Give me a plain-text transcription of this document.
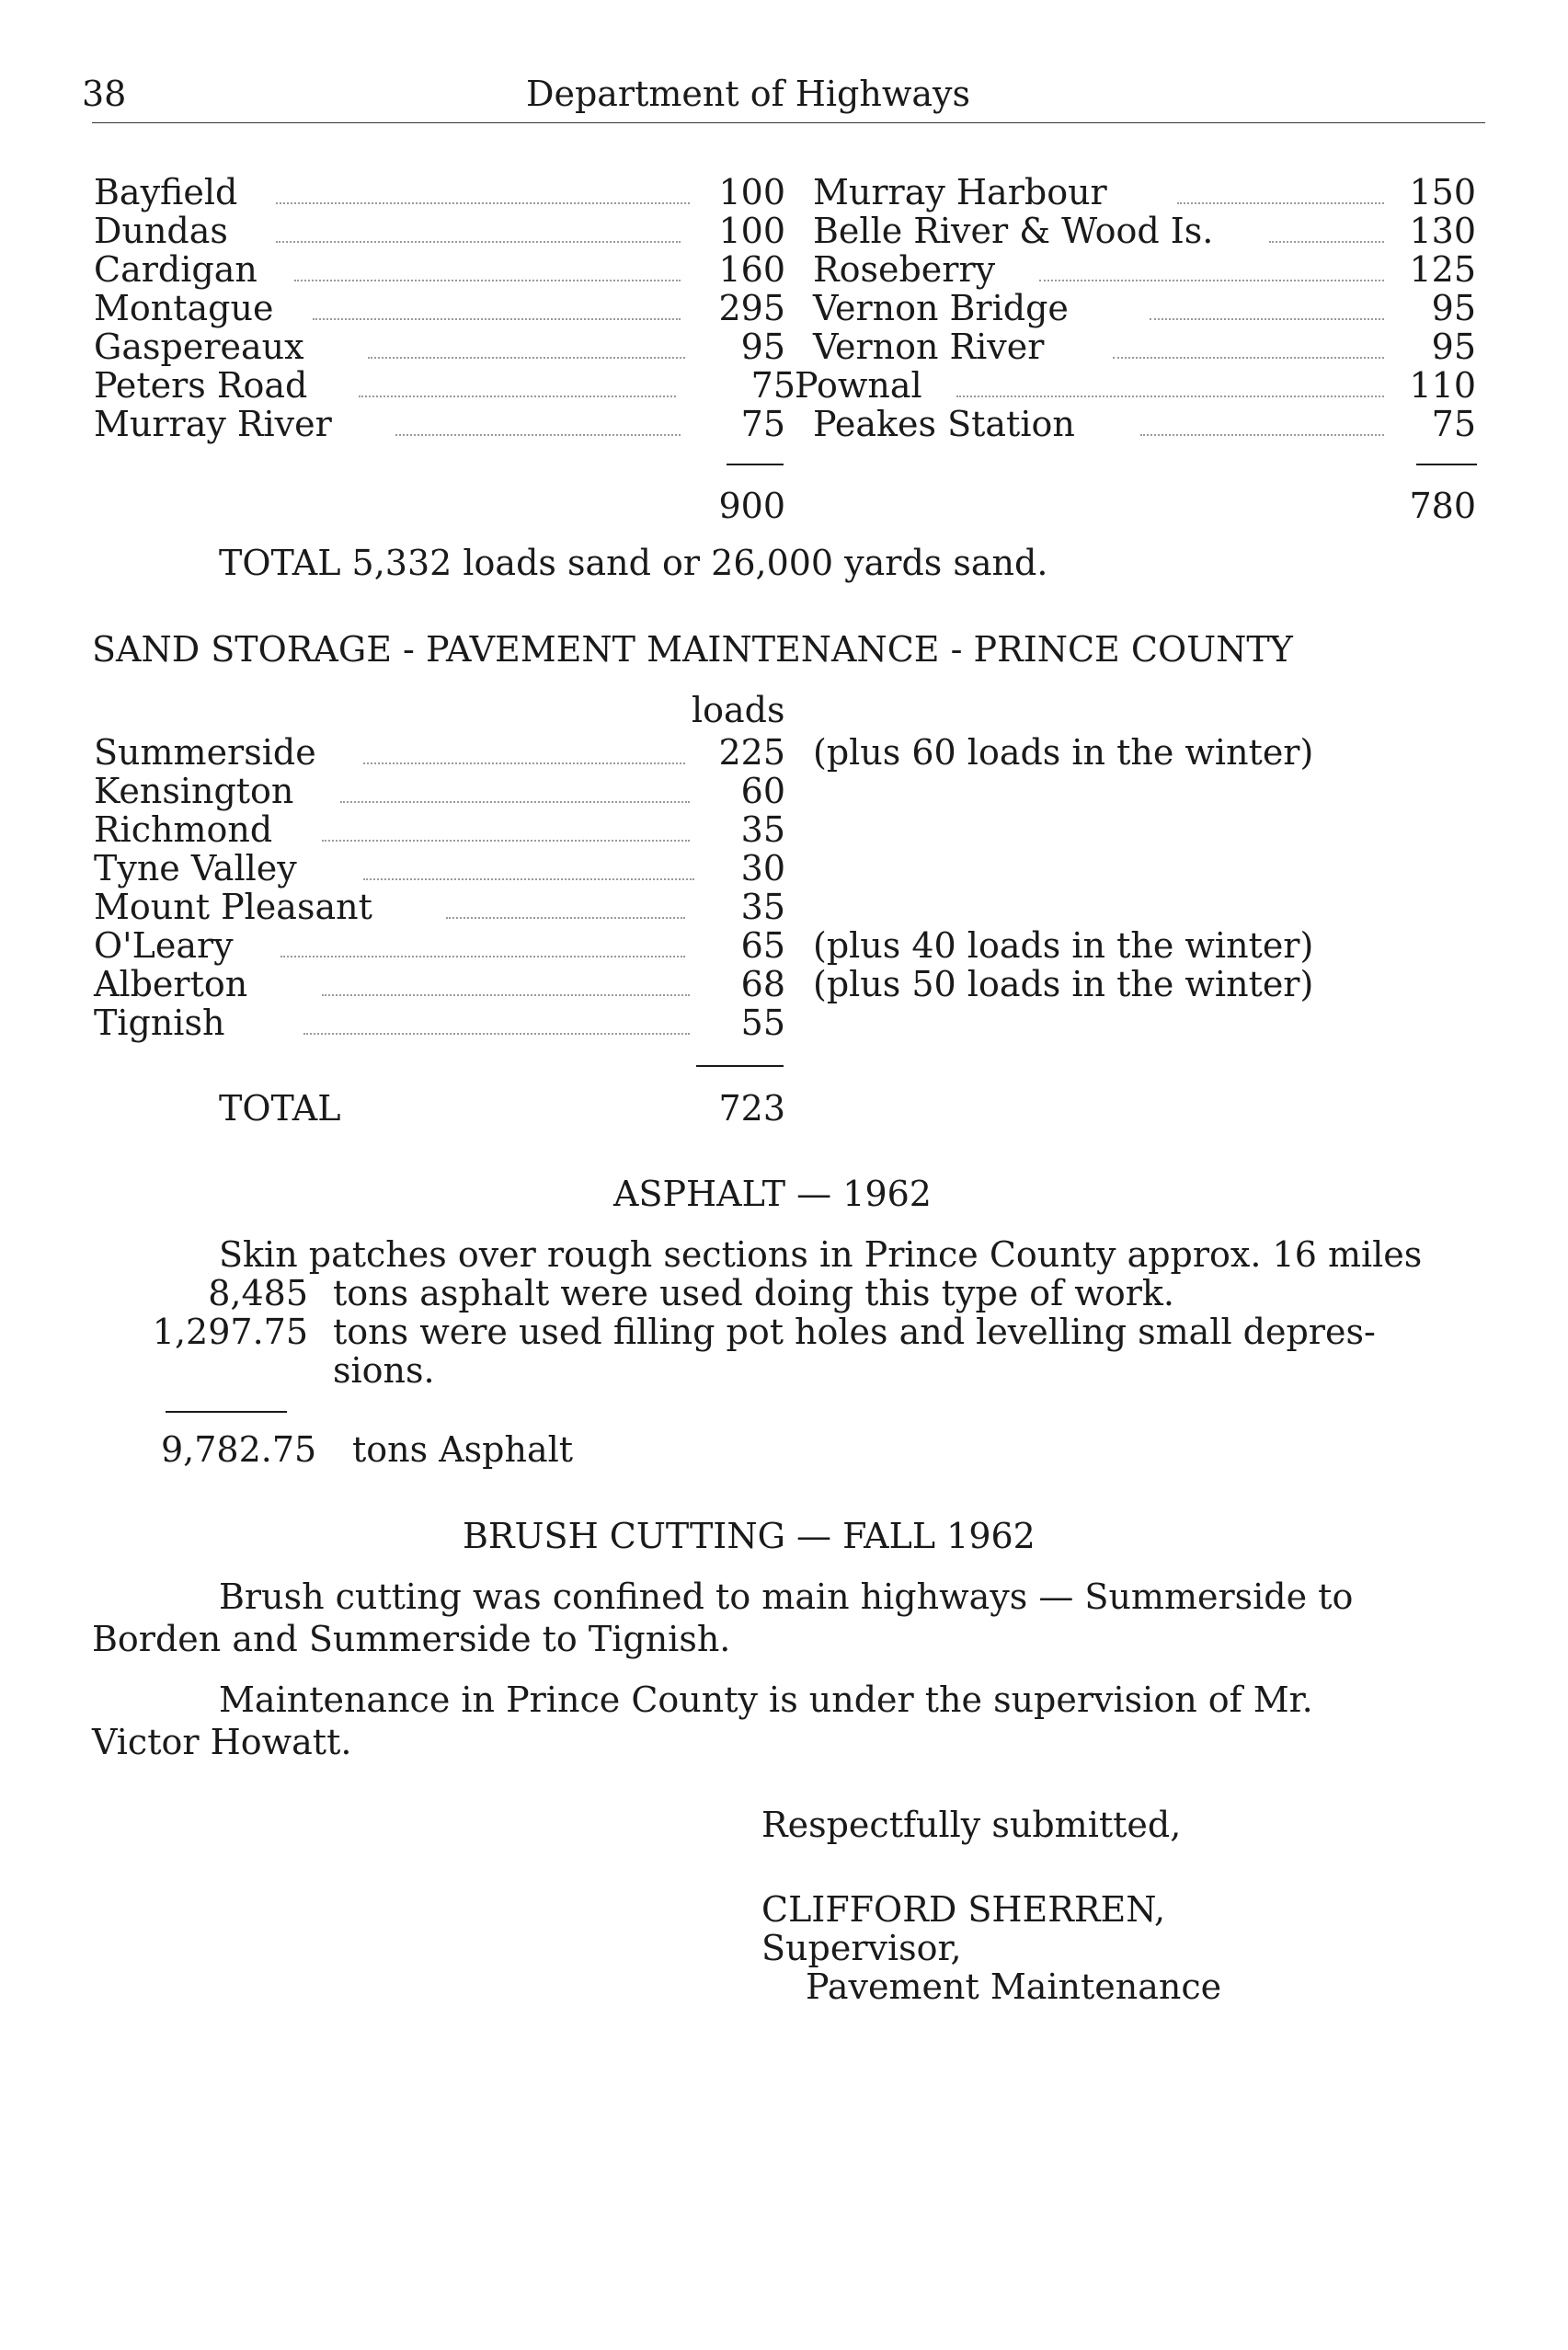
38	Department of Highways
Bayfield	100
Dundas	100
Cardigan	160
Montague	295
Gaspereaux	95
Peters Road	75
Murray River	75
Murray Harbour	150
Belle River & Wood Is.	130
Roseberry	125
Vernon Bridge	95
Vernon River	95
Pownal	110
Peakes Station	75
900	780
TOTAL 5,332 loads sand or 26,000 yards sand.
SAND STORAGE - PAVEMENT MAINTENANCE - PRINCE COUNTY
loads
Summerside	225 (plus 60 loads in the winter)
Kensington	60
Richmond	35
Tyne Valley	30
Mount Pleasant	35
O'Leary	65 (plus 40 loads in the winter)
Alberton	68 (plus 50 loads in the winter)
Tignish	55
TOTAL	723
ASPHALT — 1962
Skin patches over rough sections in Prince County approx. 16 miles
8,485 tons asphalt were used doing this type of work.
1,297.75 tons were used filling pot holes and levelling small depres-
sions.
9,782.75 tons Asphalt
BRUSH CUTTING — FALL 1962
Brush cutting was confined to main highways — Summerside to
Borden and Summerside to Tignish.
Maintenance in Prince County is under the supervision of Mr.
Victor Howatt.
Respectfully submitted,
CLIFFORD SHERREN,
Supervisor,
Pavement Maintenance
